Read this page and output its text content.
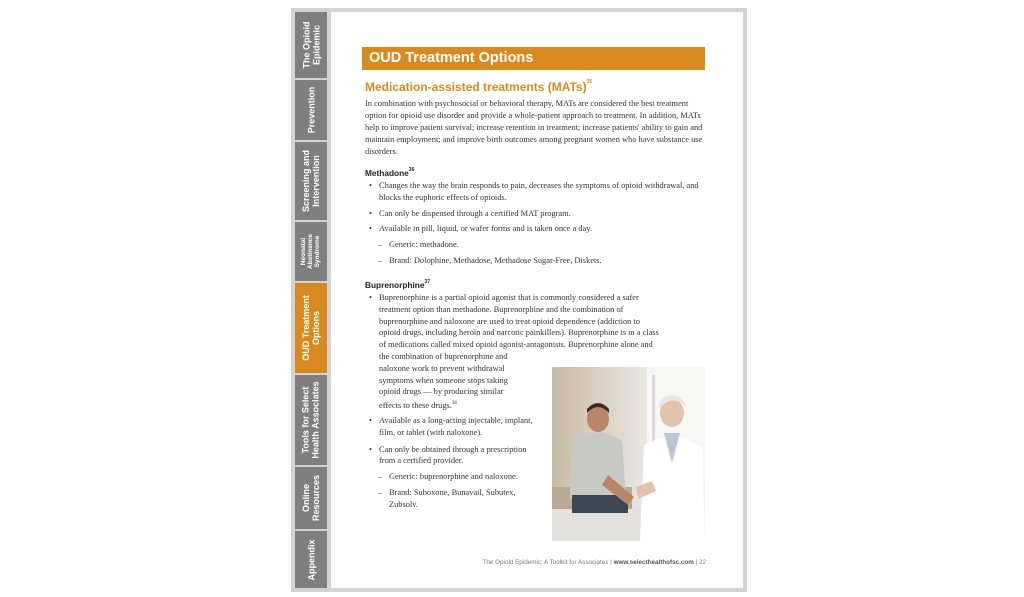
The Opioid
Epidemic
Prevention
Screening and
Intervention
Neonatal
Abstinence
Syndrome
OUD Treatment
Options
Tools for Select
Health Associates
Online
Resources
Appendix
OUD Treatment Options
Medication-assisted treatments (MATs)$^{35}$
In combination with psychosocial or behavioral therapy, MATs are considered the best treatment option for opioid use disorder and provide a whole-patient approach to treatment. In addition, MATs help to improve patient survival; increase retention in treatment; increase patients' ability to gain and maintain employment; and improve birth outcomes among pregnant women who have substance use disorders.
Methadone$^{36}$
• Changes the way the brain responds to pain, decreases the symptoms of opioid withdrawal, and blocks the euphoric effects of opioids.
• Can only be dispensed through a certified MAT program.
• Available in pill, liquid, or wafer forms and is taken once a day.
– Generic: methadone.
– Brand: Dolophine, Methadose, Methadose Sugar-Free, Diskets.
Buprenorphine$^{37}$
• Buprenorphine is a partial opioid agonist that is commonly considered a safer
treatment option than methadone. Buprenorphine and the combination of
buprenorphine and naloxone are used to treat opioid dependence (addiction to
opioid drugs, including heroin and narcotic painkillers). Buprenorphine is in a class
of medications called mixed opioid agonist-antagonists. Buprenorphine alone and
the combination of buprenorphine and
naloxone work to prevent withdrawal
symptoms when someone stops taking
opioid drugs — by producing similar
effects to these drugs.$^{38}$
• Available as a long-acting injectable, implant, film, or tablet (with naloxone).
• Can only be obtained through a prescription from a certified provider.
– Generic: buprenorphine and naloxone.
– Brand: Suboxone, Bunavail, Subutex, Zubsolv.
The Opioid Epidemic: A Toolkit for Associates | www.selecthealthofsc.com | 22
